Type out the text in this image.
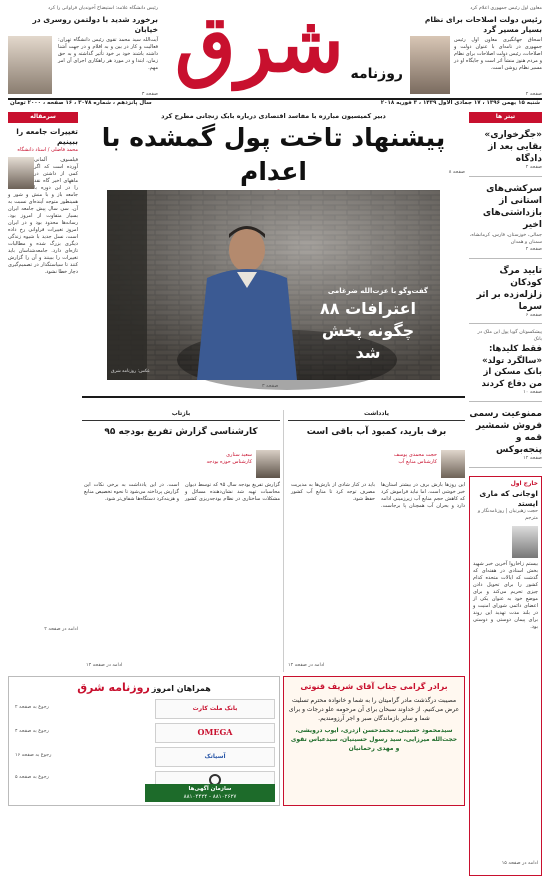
معاون اول رئیس جمهوری اعلام کرد
رئیس دولت اصلاحات برای نظام بسیار مسیر گرد
اسحاق جهانگیری معاون اول رئیس جمهوری در نامه‌ای با عنوان دولت و اصلاحات، رئیس دولت اصلاحات برای نظام و مردم هنوز منشأ اثر است و جایگاه او در مسیر نظام روشن است.
صفحه ۲
شرق روزنامه
رئیس دانشگاه علامه: استیضاح آخوندیان فراوانی را کرد
برخورد شدید با دولتمن روسری در خیابان
آیت‌الله سید محمد تقوی رئیس دانشگاه تهران: فعالیت و کار در بین و به اقلام و در جهت آشنا داشته باشند خود بر خود تأثیر گذاشته و به حق زمان، ابتدا و در مورد هر راهکاری اجرای آن امر مهم.
صفحه ۳
شنبه ۱۵ بهمن ۱۳۹۶ ، ۱۷ جمادی الاول ۱۴۳۹ ، ۳ فوریه ۲۰۱۸
سال پانزدهم ، شماره ۳۰۷۸ ، ۱۶ صفحه ، ۲۰۰۰ تومان
تیتر ها
«جگرخواری» بقایی بعد از دادگاه
صفحه ۲
سرکشی‌های استانی از بازداشتی‌های اخیر
جمالی، خوزستان، فارس، کرمانشاه، سمنان و همدان
صفحه ۲
تایید مرگ کودکان زلزله‌زده بر اثر سرما
صفحه ۶
پیشکسوتان گویا پول این ملک در بانک
فقط کلیدها: «سالگرد تولد» بانک مسکن از من دفاع کردند
صفحه ۱۰
ممنوعیت رسمی فروش شمشیر قمه و پنجه‌بوکس
صفحه ۱۲
خارج اول
اوجانی که ماری ایستد
حجت زهیرنیان | روزنامه‌نگار و مترجم
بیستم زاخاروا آخرین خبر شهید بخش اسنادی در هفته‌ای که گذشت که ایالات متحده کدام کشور را برای تحویل دادن چیزی تحریم می‌کند و برای موضع خود به عنوان یکی از اعضای دائمی شورای امنیت و در بلند مدت تهدید این روند برای پیمان دوستی و دوستی بود.
ادامه در صفحه ۱۵
سرمقاله
تغییرات جامعه را ببینیم
محمد فاضلی / استاد دانشگاه
فیلسوف آلمانی آورده است که اگر کمی از داشتن در ماههای اخیر گاه نقد را در این دوره با جامعه باز و با منش و شور و همینطور متوجه آینده‌ای نسبت به آن. سی سال پیش جامعه ایران بسیار متفاوت از امروز بود. رسانه‌ها محدود بود و در ایران امروز تغییرات فراوانی رخ داده است، نسل جدید با شیوه زندگی دیگری بزرگ شده و مطالبات تازه‌ای دارد. جامعه‌شناسان باید تغییرات را ببینند و آن را گزارش کنند تا سیاستگذار در تصمیم‌گیری دچار خطا نشود.
ادامه در صفحه ۲
دبیر کمیسیون مبارزه با مفاسد اقتصادی درباره بابک زنجانی مطرح کرد
پیشنهاد تاخت پول گمشده با اعدام	صفحه ۸
گفت‌وگو با عزت‌الله ضرغامی
اعترافات ۸۸ چگونه پخش شد
عکس: روزنامه شرق
صفحه ۳
یادداشت
برف بارید، کمبود آب باقی است
حجت محمدی پوسف
کارشناس منابع آب
این روزها بارش برف در بیشتر استان‌ها خبر خوشی است. اما نباید فراموش کرد که کاهش حجم منابع آب زیرزمینی ادامه دارد و بحران آب همچنان پا برجاست. باید در کنار شادی از بارش‌ها به مدیریت مصرف توجه کرد تا منابع آب کشور حفظ شود.
ادامه در صفحه ۱۲
بازتاب
کارشناسی گزارش تفریغ بودجه ۹۵
سعید ستاری
کارشناس حوزه بودجه
گزارش تفریغ بودجه سال ۹۵ که توسط دیوان محاسبات تهیه شد نشان‌دهنده مسائل و مشکلات ساختاری در نظام بودجه‌ریزی کشور است. در این یادداشت به برخی نکات این گزارش پرداخته می‌شود تا نحوه تخصیص منابع و هزینه‌کرد دستگاه‌ها شفاف‌تر شود.
ادامه در صفحه ۱۴
برادر گرامی جناب آقای شریف قنوتی
مصیبت درگذشت مادر گرامیتان را به شما و خانواده محترم تسلیت عرض می‌کنیم. از خداوند سبحان برای آن مرحومه علو درجات و برای شما و سایر بازماندگان صبر و اجر آرزومندیم.
سیدمحمود حسینی، محمدحسن ازدری، ایوب درویشی، حجت‌الله میرزایی، سید رسول حسینیان، سیدعباس تقوی و مهدی رحمانیان
همراهان امروز روزنامه شرق
بانک ملت کارت
رجوع به صفحه ۲
OMEGA
رجوع به صفحه ۴
آسیاتک
رجوع به صفحه ۱۶
رجوع به صفحه ۵
سازمان آگهی‌ها
۸۸۱۰۲۶۲۷ - ۸۸۱۰۴۴۲۴
